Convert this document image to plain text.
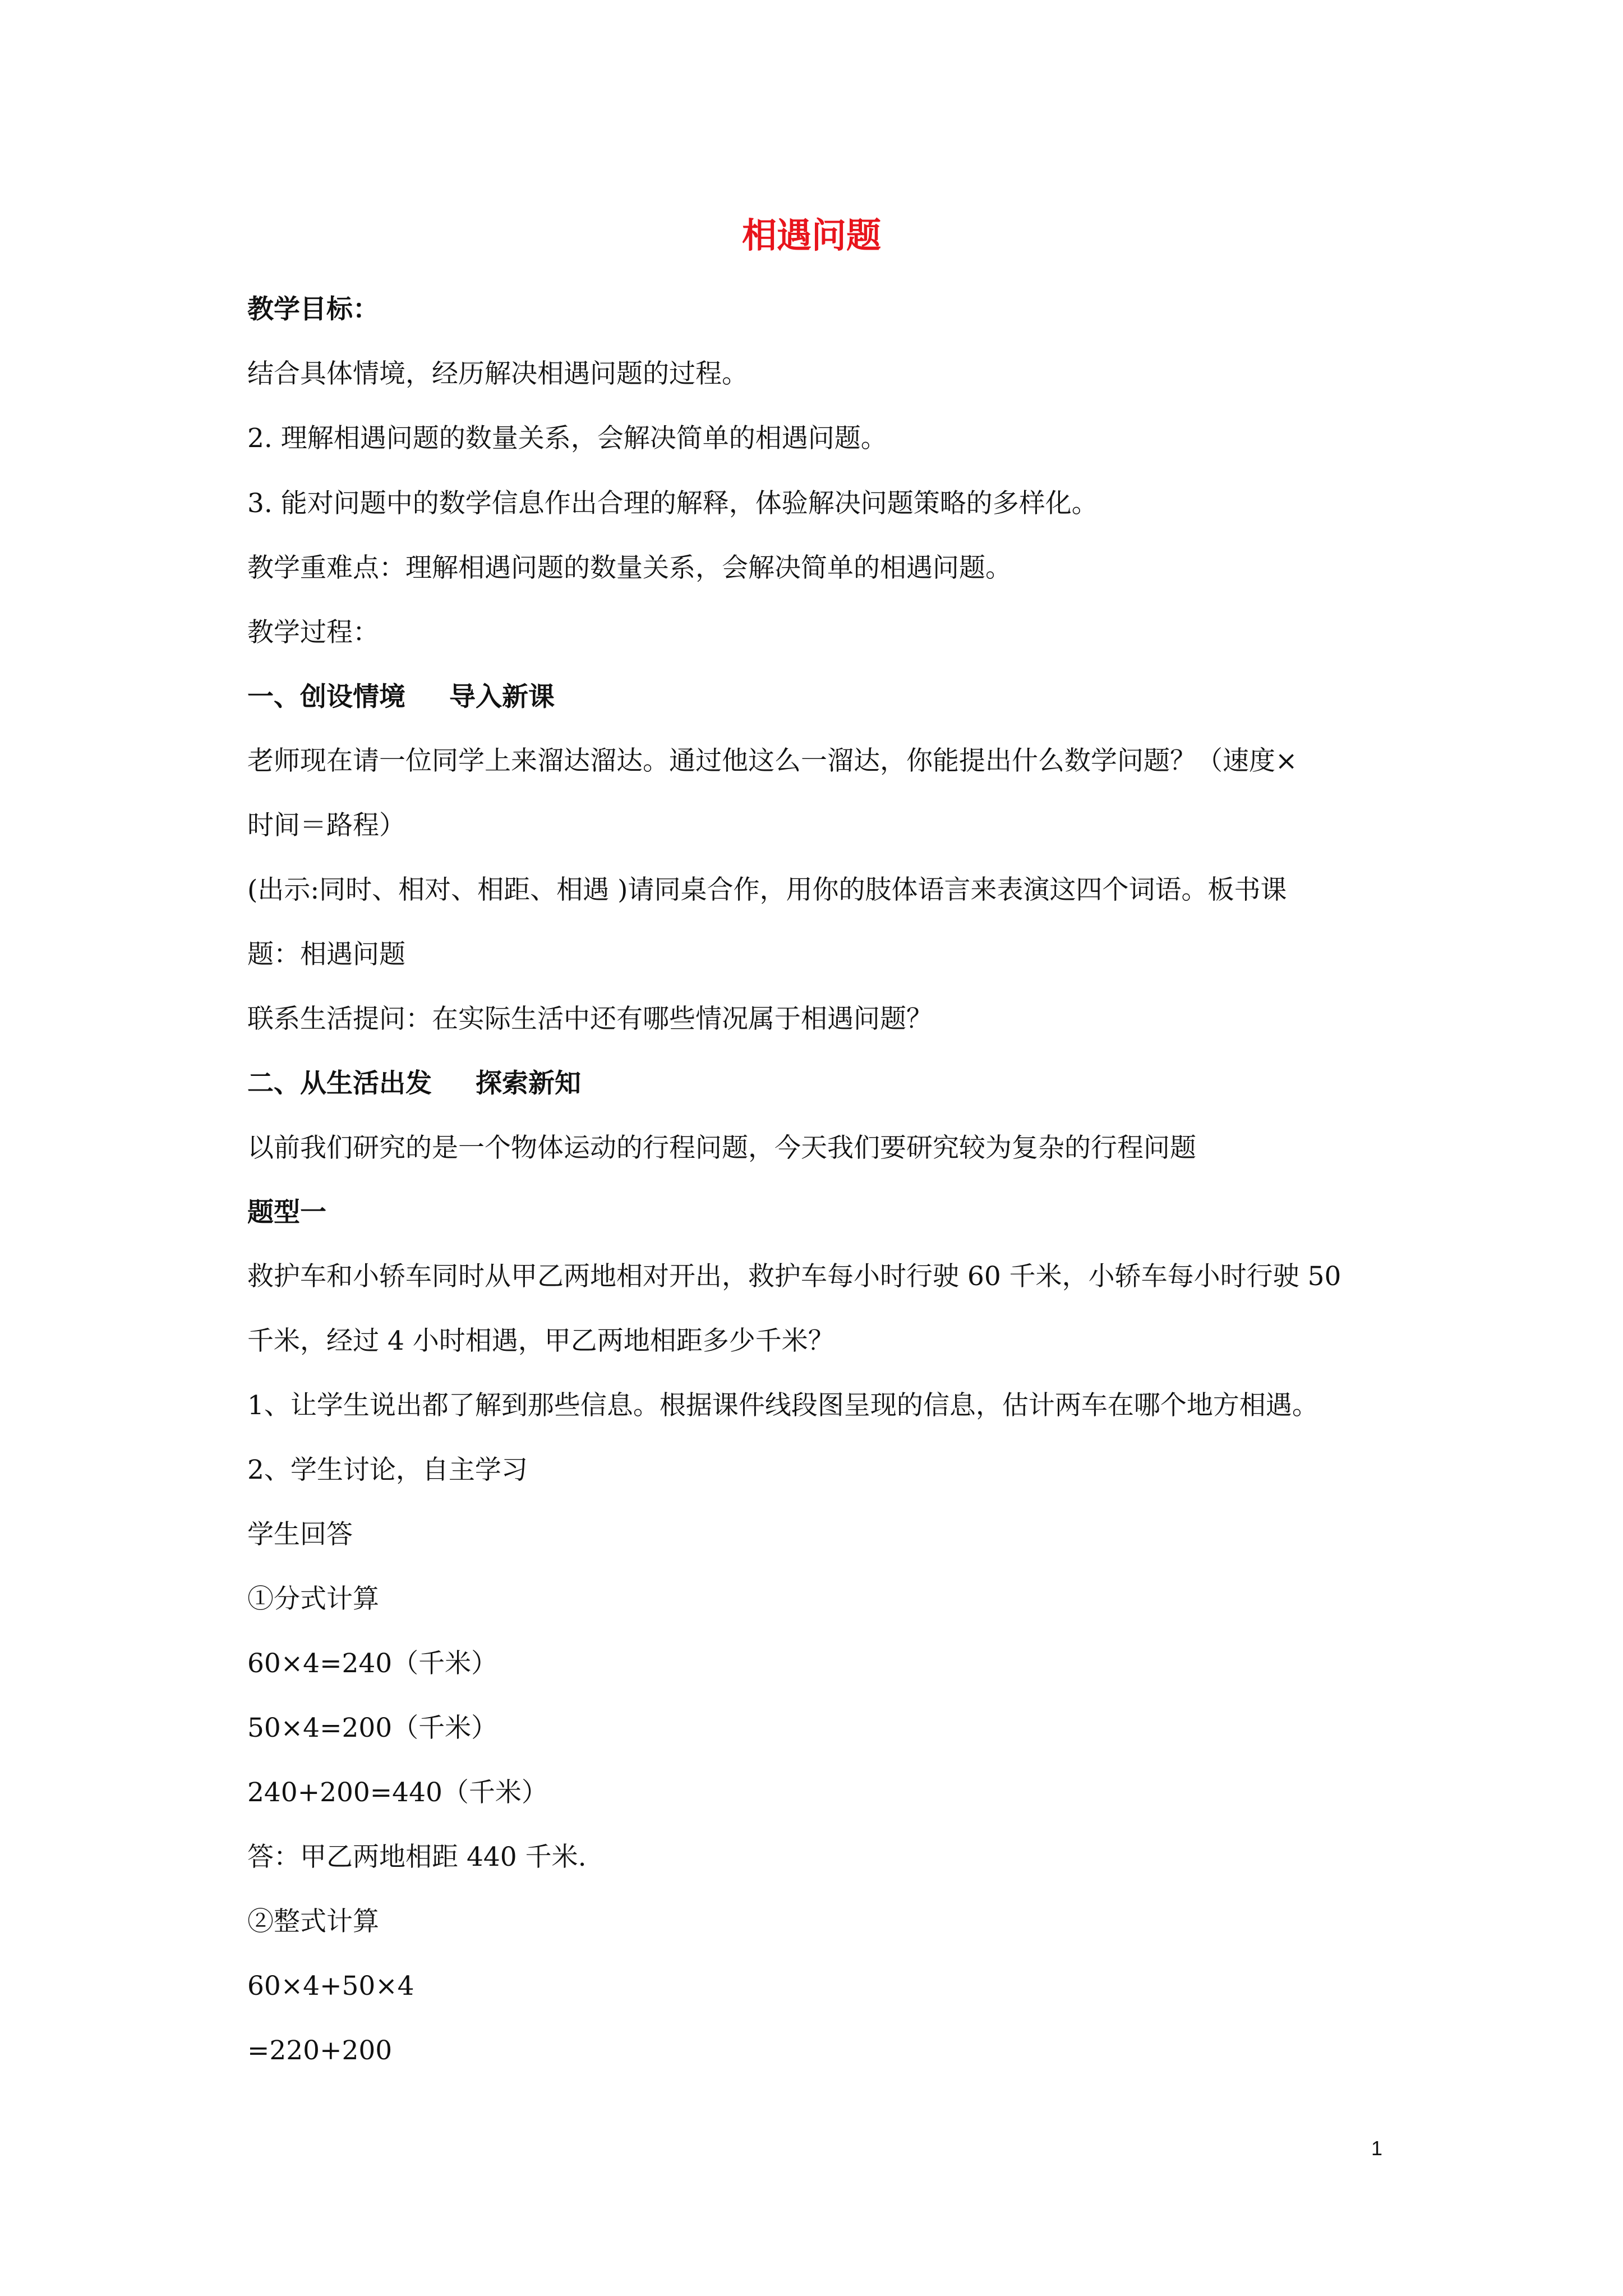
相遇问题
教学目标：
结合具体情境，经历解决相遇问题的过程。
2. 理解相遇问题的数量关系，会解决简单的相遇问题。
3. 能对问题中的数学信息作出合理的解释，体验解决问题策略的多样化。
教学重难点：理解相遇问题的数量关系，会解决简单的相遇问题。
教学过程：
一、创设情境 导入新课
老师现在请一位同学上来溜达溜达。通过他这么一溜达，你能提出什么数学问题？（速度×
时间＝路程）
(出示:同时、相对、相距、相遇 )请同桌合作，用你的肢体语言来表演这四个词语。板书课
题：相遇问题
联系生活提问：在实际生活中还有哪些情况属于相遇问题？
二、从生活出发 探索新知
以前我们研究的是一个物体运动的行程问题，今天我们要研究较为复杂的行程问题
题型一
救护车和小轿车同时从甲乙两地相对开出，救护车每小时行驶 60 千米，小轿车每小时行驶 50
千米，经过 4 小时相遇，甲乙两地相距多少千米？
1、让学生说出都了解到那些信息。根据课件线段图呈现的信息，估计两车在哪个地方相遇。
2、学生讨论，自主学习
学生回答
①分式计算
60×4=240（千米）
50×4=200（千米）
240+200=440（千米）
答：甲乙两地相距 440 千米.
②整式计算
60×4+50×4
=220+200
1
